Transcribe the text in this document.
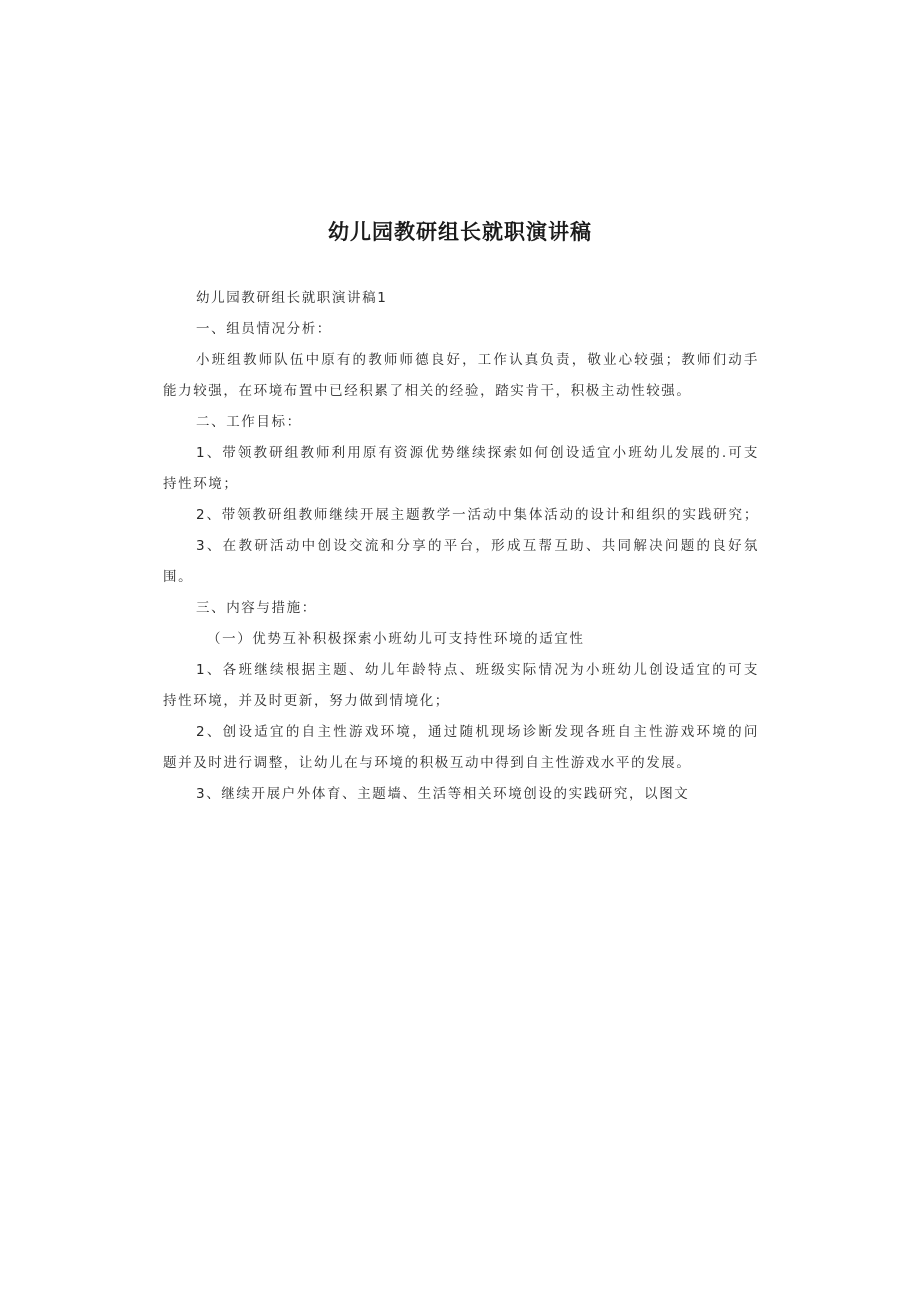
幼儿园教研组长就职演讲稿
幼儿园教研组长就职演讲稿1
一、组员情况分析：
小班组教师队伍中原有的教师师德良好，工作认真负责，敬业心较强；教师们动手
能力较强，在环境布置中已经积累了相关的经验，踏实肯干，积极主动性较强。
二、工作目标：
1、带领教研组教师利用原有资源优势继续探索如何创设适宜小班幼儿发展的.可支
持性环境；
2、带领教研组教师继续开展主题教学一活动中集体活动的设计和组织的实践研究；
3、在教研活动中创设交流和分享的平台，形成互帮互助、共同解决问题的良好氛
围。
三、内容与措施：
（一）优势互补积极探索小班幼儿可支持性环境的适宜性
1、各班继续根据主题、幼儿年龄特点、班级实际情况为小班幼儿创设适宜的可支
持性环境，并及时更新，努力做到情境化；
2、创设适宜的自主性游戏环境，通过随机现场诊断发现各班自主性游戏环境的问
题并及时进行调整，让幼儿在与环境的积极互动中得到自主性游戏水平的发展。
3、继续开展户外体育、主题墙、生活等相关环境创设的实践研究，以图文
